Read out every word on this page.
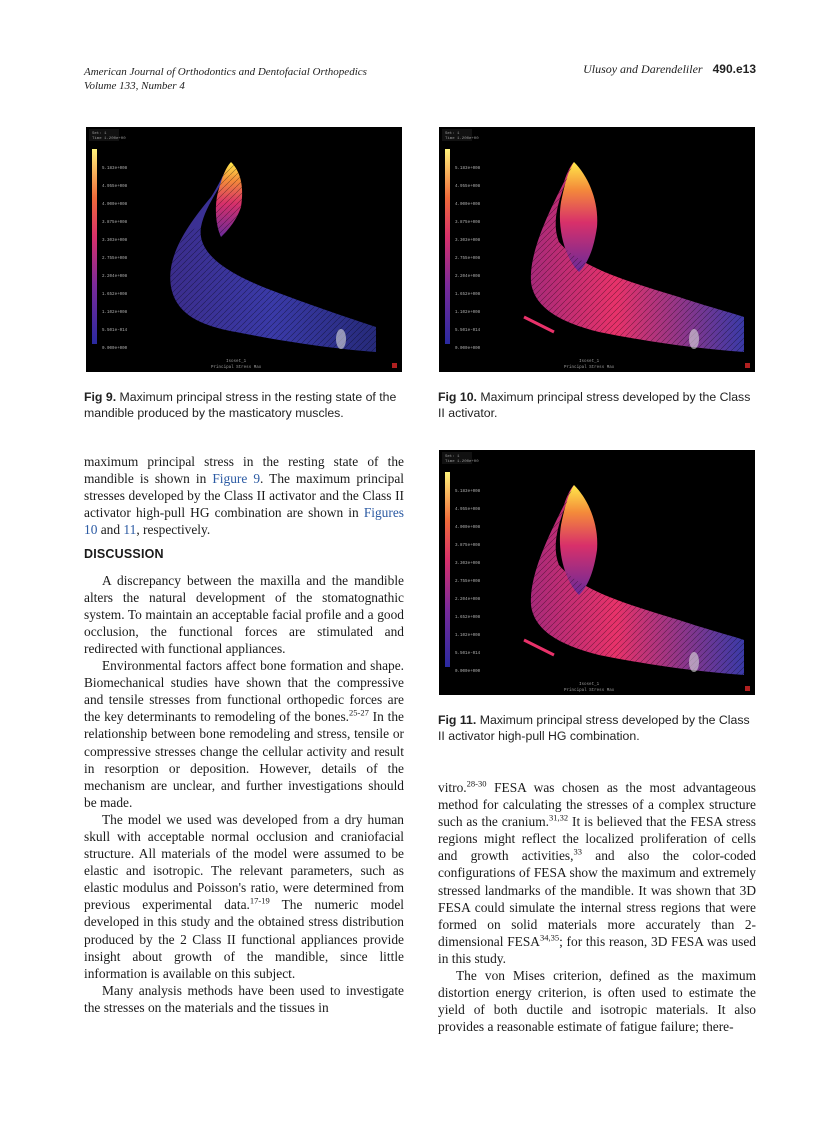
American Journal of Orthodontics and Dentofacial Orthopedics
Volume 133, Number 4
Ulusoy and Darendeliler 490.e13
Set: 1
Time 1.200e+00
5.183e+008
4.955e+008
4.000e+008
3.875e+008
3.303e+008
2.755e+008
2.204e+008
1.652e+008
1.102e+008
5.501e-014
0.000e+000
Isoset_1
Principal Stress Max
Set: 1
Time 1.200e+00
5.183e+008
4.955e+008
4.000e+008
3.875e+008
3.303e+008
2.755e+008
2.204e+008
1.652e+008
1.102e+008
5.501e-014
0.000e+000
Isoset_1
Principal Stress Max
Set: 1
Time 1.200e+00
5.183e+008
4.955e+008
4.000e+008
3.875e+008
3.303e+008
2.755e+008
2.204e+008
1.652e+008
1.102e+008
5.501e-014
0.000e+000
Isoset_1
Principal Stress Max
Fig 9. Maximum principal stress in the resting state of the mandible produced by the masticatory muscles.
Fig 10. Maximum principal stress developed by the Class II activator.
Fig 11. Maximum principal stress developed by the Class II activator high-pull HG combination.

maximum principal stress in the resting state of the mandible is shown in Figure 9. The maximum principal stresses developed by the Class II activator and the Class II activator high-pull HG combination are shown in Figures 10 and 11, respectively.

DISCUSSION

A discrepancy between the maxilla and the mandible alters the natural development of the stomatognathic system. To maintain an acceptable facial profile and a good occlusion, the functional forces are stimulated and redirected with functional appliances.

Environmental factors affect bone formation and shape. Biomechanical studies have shown that the compressive and tensile stresses from functional orthopedic forces are the key determinants to remodeling of the bones.$^{25-27}$ In the relationship between bone remodeling and stress, tensile or compressive stresses change the cellular activity and result in resorption or deposition. However, details of the mechanism are unclear, and further investigations should be made.

The model we used was developed from a dry human skull with acceptable normal occlusion and craniofacial structure. All materials of the model were assumed to be elastic and isotropic. The relevant parameters, such as elastic modulus and Poisson's ratio, were determined from previous experimental data.$^{17-19}$ The numeric model developed in this study and the obtained stress distribution produced by the 2 Class II functional appliances provide insight about growth of the mandible, since little information is available on this subject.

Many analysis methods have been used to investigate the stresses on the materials and the tissues in

vitro.$^{28-30}$ FESA was chosen as the most advantageous method for calculating the stresses of a complex structure such as the cranium.$^{31,32}$ It is believed that the FESA stress regions might reflect the localized proliferation of cells and growth activities,$^{33}$ and also the color-coded configurations of FESA show the maximum and extremely stressed landmarks of the mandible. It was shown that 3D FESA could simulate the internal stress regions that were formed on solid materials more accurately than 2-dimensional FESA$^{34,35}$; for this reason, 3D FESA was used in this study.

The von Mises criterion, defined as the maximum distortion energy criterion, is often used to estimate the yield of both ductile and isotropic materials. It also provides a reasonable estimate of fatigue failure; there-
